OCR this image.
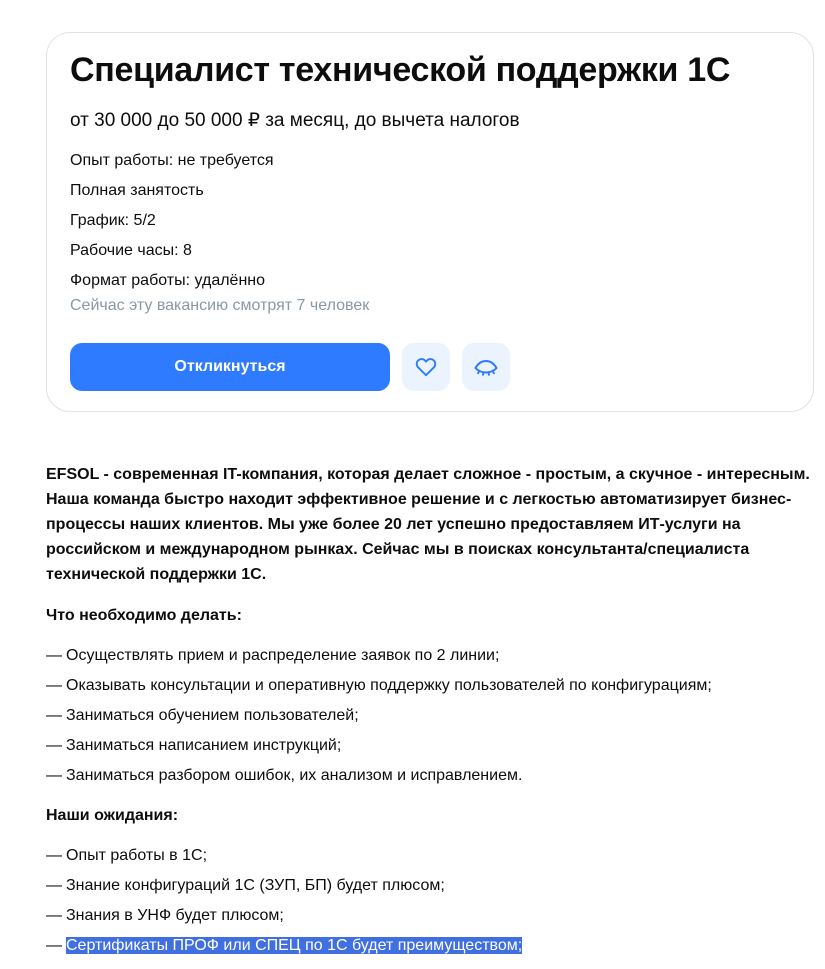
Специалист технической поддержки 1С
от 30 000 до 50 000 ₽ за месяц, до вычета налогов
Опыт работы: не требуется
Полная занятость
График: 5/2
Рабочие часы: 8
Формат работы: удалённо
Сейчас эту вакансию смотрят 7 человек
Откликнуться

EFSOL - современная IT-компания, которая делает сложное - простым, а скучное - интересным. Наша команда быстро находит эффективное решение и с легкостью автоматизирует бизнес-процессы наших клиентов. Мы уже более 20 лет успешно предоставляем ИТ-услуги на российском и международном рынках. Сейчас мы в поисках консультанта/специалиста технической поддержки 1С.

Что необходимо делать:
— Осуществлять прием и распределение заявок по 2 линии;
— Оказывать консультации и оперативную поддержку пользователей по конфигурациям;
— Заниматься обучением пользователей;
— Заниматься написанием инструкций;
— Заниматься разбором ошибок, их анализом и исправлением.
Наши ожидания:
— Опыт работы в 1С;
— Знание конфигураций 1С (ЗУП, БП) будет плюсом;
— Знания в УНФ будет плюсом;
— Сертификаты ПРОФ или СПЕЦ по 1С будет преимуществом;
